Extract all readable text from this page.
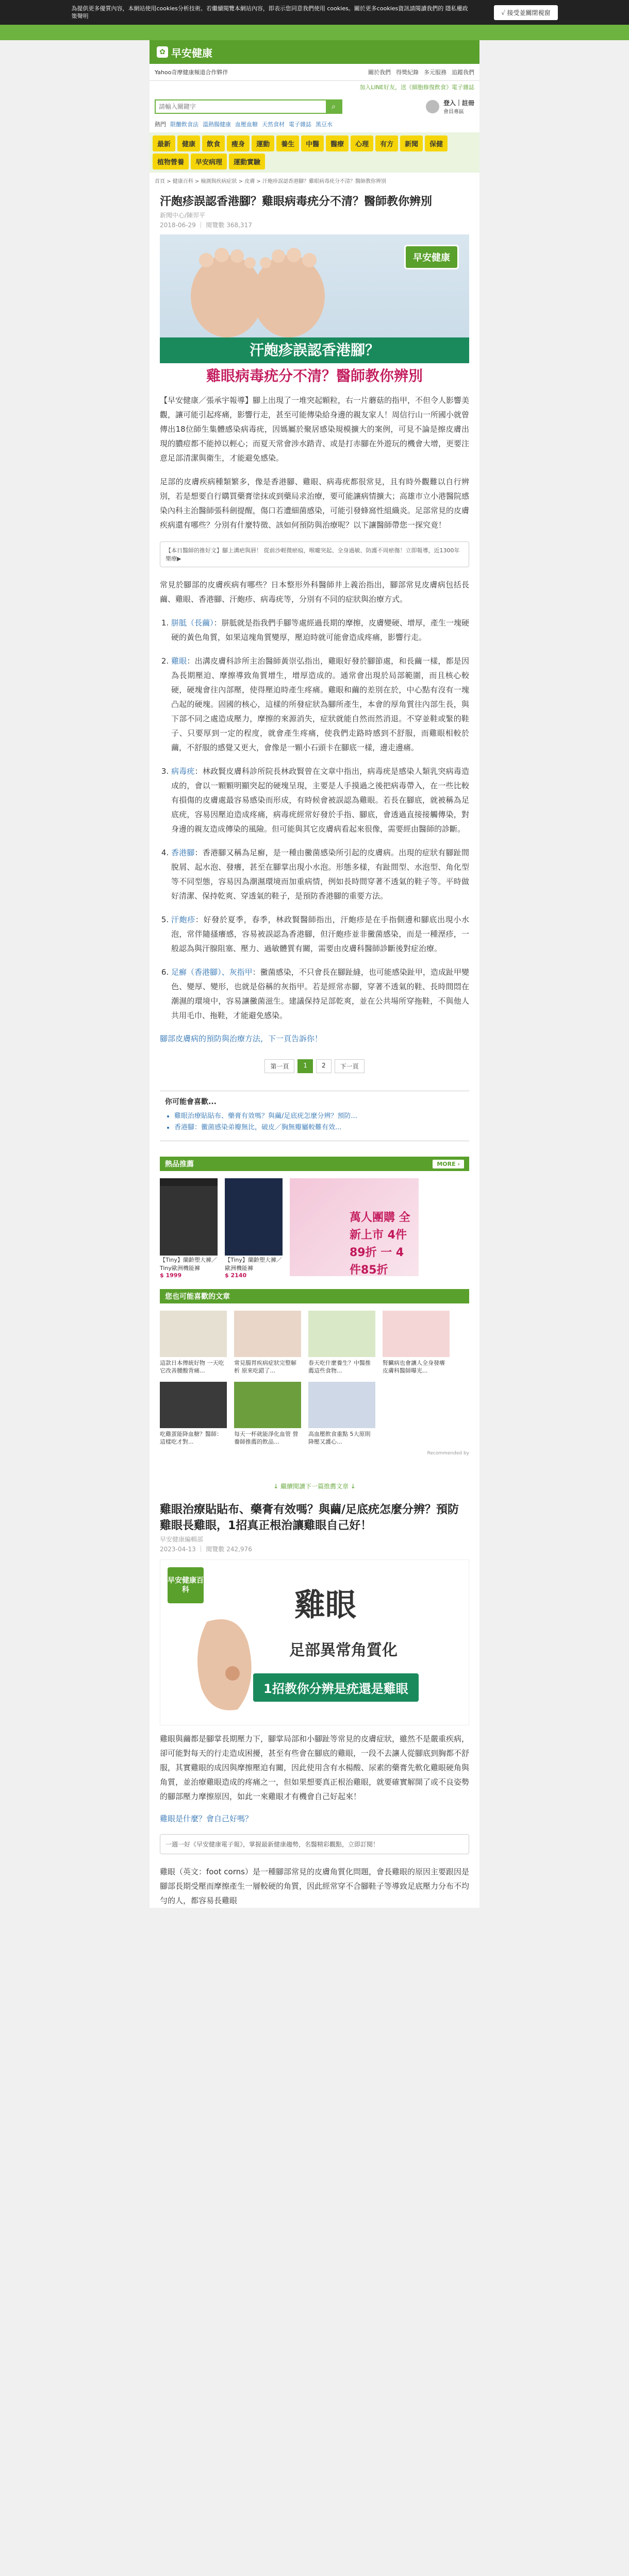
為提供更多優質內容，本網站使用cookies分析技術。若繼續閱覽本網站內容，即表示您同意我們使用 cookies。關於更多cookies資訊請閱讀我們的 隱私權政策聲明	✓ 接受並關閉視窗
✿ 早安健康
Yahoo奇摩健康頻道合作夥伴	關於我們 得獎紀錄 多元服務 追蹤我們
加入LINE好友，送《細胞修復飲食》電子雜誌
請輸入關鍵字
⌕	登入｜註冊
會員專區
熱門 限醣飲食法 溫熱腸健康 血壓血糖 天然食材 電子雜誌 黑豆水
最新	健康	飲食	瘦身	運動	養生	中醫	醫療	心理	有方	新聞	保健
植物營養	早安病理	運動實驗
首頁 > 健康百科 > 檢測與疾病症狀 > 皮膚 > 汗皰疹誤認香港腳？雞眼病毒疣分不清？醫師教你辨別
汗皰疹誤認香港腳？雞眼病毒疣分不清？醫師教你辨別
新聞中心/陳羿平
2018-06-29 ｜ 閱覽數 368,317
早安健康
汗皰疹誤認香港腳？
雞眼病毒疣分不清？醫師教你辨別

【早安健康／張承宇報導】腳上出現了一堆突起顆粒，右一片蘑菇的指甲，不但令人影響美觀，讓可能引起疼痛，影響行走，甚至可能傳染給身邊的親友家人！周信行山一所國小就曾傳出18位師生集體感染病毒疣，因媽屬於聚居感染規模擴大的案例，可見不論是擦皮膚出現的膿痘都不能掉以輕心；而夏天常會涉水踏青、或是打赤腳在外遊玩的機會大增，更要注意足部清潔與衛生，才能避免感染。

足部的皮膚疾病種類繁多，像是香港腳、雞眼、病毒疣都很常見，且有時外觀難以自行辨別，若是想要自行購買藥膏塗抹或到藥局求治療，要可能讓病情擴大；高雄市立小港醫院感染內科主治醫師張科劍提醒，傷口若遭細菌感染，可能引發蜂窩性組織炎。足部常見的皮膚疾病還有哪些？分別有什麼特徵、該如何預防與治療呢？以下讓醫師帶您一探究竟！

【本日醫師的推好文】腳上溝疤與唇！ 從前沙輕微瘀痕，喉嚨突起、全身過敏、防護不周瘀傷！立即報導，近1300年樂療▶

常見於腳部的皮膚疾病有哪些？日本整形外科醫師井上義治指出，腳部常見皮膚病包括長繭、雞眼、香港腳、汗皰疹、病毒疣等，分別有不同的症狀與治療方式。

1. 胼胝（長繭）：胼胝就是指我們手腳等處經過長期的摩擦，皮膚變硬、增厚，產生一塊硬硬的黃色角質，如果這塊角質變厚，壓迫時就可能會造成疼痛，影響行走。
2. 雞眼：出溝皮膚科診所主治醫師黃崇弘指出，雞眼好發於腳節處，和長繭一樣，都是因為長期壓迫、摩擦導致角質增生，增厚造成的。通常會出現於局部範圍，而且核心較硬，硬塊會往內部壓，使得壓迫時產生疼痛。雞眼和繭的差別在於，中心點有沒有一塊凸起的硬塊。固國的核心，這樣的所發症狀為腳所產生，本會的厚角質往內部生長，與下部不同之處造成壓力，摩擦的來源消失，症狀就能自然而然消退。不穿並鞋或緊的鞋子、只要厚到一定的程度，就會產生疼痛，使我們走路時感到不舒服，而雞眼相較於繭，不舒服的感覺又更大，會像是一顆小石頭卡在腳底一樣，邊走邊痛。
3. 病毒疣：林政賢皮膚科診所院長林政賢曾在文章中指出，病毒疣是感染人類乳突病毒造成的，會以一顆顆明顯突起的硬塊呈現，主要是人手摸過之後把病毒帶入，在一些比較有損傷的皮膚處最容易感染而形成，有時候會被誤認為雞眼。若長在腳底，就被稱為足底疣，容易因壓迫造成疼痛，病毒疣經常好發於手指、腳底，會透過直接接觸傳染，對身邊的親友造成傳染的風險。但可能與其它皮膚病看起來很像，需要經由醫師的診斷。
4. 香港腳：香港腳又稱為足癬，是一種由黴菌感染所引起的皮膚病。出現的症狀有腳趾間脫屑、起水泡、發癢，甚至在腳掌出現小水泡。形態多樣，有趾間型、水泡型、角化型等不同型態，容易因為潮濕環境而加重病情，例如長時間穿著不透氣的鞋子等。平時做好清潔、保持乾爽、穿透氣的鞋子，是預防香港腳的重要方法。
5. 汗皰疹：好發於夏季，春季，林政賢醫師指出，汗皰疹是在手指側邊和腳底出現小水泡，常伴隨搔癢感，容易被誤認為香港腳，但汗皰疹並非黴菌感染，而是一種溼疹，一般認為與汗腺阻塞、壓力、過敏體質有關，需要由皮膚科醫師診斷後對症治療。
6. 足癬（香港腳）、灰指甲：黴菌感染，不只會長在腳趾縫，也可能感染趾甲，造成趾甲變色、變厚、變形，也就是俗稱的灰指甲。若是經常赤腳，穿著不透氣的鞋、長時間悶在潮濕的環境中，容易讓黴菌滋生。建議保持足部乾爽，並在公共場所穿拖鞋，不與他人共用毛巾、拖鞋，才能避免感染。
腳部皮膚病的預防與治療方法，下一頁告訴你！
第一頁	1	2	下一頁
你可能會喜歡...
• 雞眼治療貼貼布、藥膏有效嗎？與繭/足底疣怎麼分辨？預防...
• 香港腳：黴菌感染弟瓣無比，破皮／胸無瓣屬較難有效...
熱品推薦	MORE ›
【Tiny】蘭齡塑大褲／Tiny歐洲機能褲
$ 1999
【Tiny】蘭齡塑大褲／歐洲機能褲
$ 2140
萬人團購 全新上市 4件89折 一 4件85折
您也可能喜歡的文章
這款日本傳統好物 一天吃它改善腰酸背痛...
常見腸胃疾病症狀完整解析 原來吃錯了...
春天吃什麼養生？中醫推薦這些食物...
腎臟病也會讓人全身發癢 皮膚科醫師曝光...
吃雞蛋能降血糖？醫師：這樣吃才對...
每天一杯就能淨化血管 營養師推薦的飲品...
高血壓飲食重點 5大原則降壓又護心...
Recommended by
↓ 繼續閱讀下一篇推薦文章 ↓
雞眼治療貼貼布、藥膏有效嗎？與繭/足底疣怎麼分辨？預防雞眼長雞眼，1招真正根治讓雞眼自己好！
早安健康編輯部
2023-04-13 ｜ 閱覽數 242,976
早安健康百科	雞眼
足部異常角質化
1招教你分辨是疣還是雞眼

雞眼與繭都是腳掌長期壓力下，腳掌局部和小腳趾等常見的皮膚症狀，雖然不是嚴重疾病，卻可能對每天的行走造成困擾，甚至有些會在腳底的雞眼，一段不去讓人從腳底到胸都不舒服，其實雞眼的成因與摩擦壓迫有關，因此使用含有水楊酸、尿素的藥膏先軟化雞眼硬角與角質，並治療雞眼造成的疼痛之一，但如果想要真正根治雞眼，就要確實解開了或不良姿勢的腳部壓力摩擦原因，如此一來雞眼才有機會自己好起來！

雞眼是什麼？會自己好嗎？
一週一好《早安健康電子報》，掌握最新健康趨勢，名醫精彩觀點，立即訂閱！

雞眼（英文：foot corns）是一種腳部常見的皮膚角質化問題，會長雞眼的原因主要跟因是腳部長期受壓而摩擦產生一層較硬的角質，因此經常穿不合腳鞋子等導致足底壓力分布不均勻的人，都容易長雞眼
